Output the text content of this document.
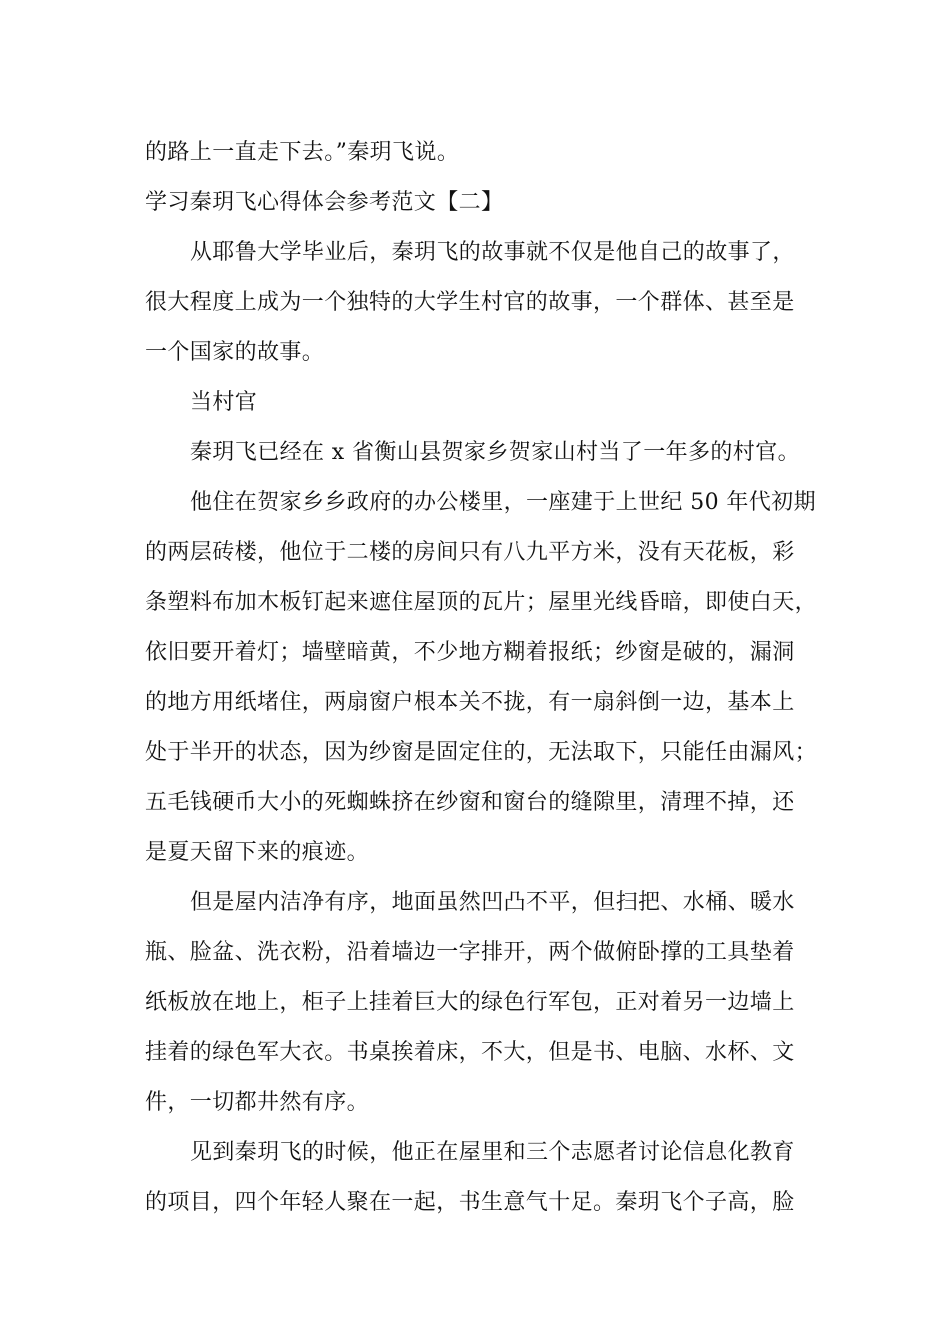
的路上一直走下去。”秦玥飞说。
学习秦玥飞心得体会参考范文【二】
从耶鲁大学毕业后，秦玥飞的故事就不仅是他自己的故事了，
很大程度上成为一个独特的大学生村官的故事，一个群体、甚至是
一个国家的故事。
当村官
秦玥飞已经在 x 省衡山县贺家乡贺家山村当了一年多的村官。
他住在贺家乡乡政府的办公楼里，一座建于上世纪 50 年代初期
的两层砖楼，他位于二楼的房间只有八九平方米，没有天花板，彩
条塑料布加木板钉起来遮住屋顶的瓦片；屋里光线昏暗，即使白天，
依旧要开着灯；墙壁暗黄，不少地方糊着报纸；纱窗是破的，漏洞
的地方用纸堵住，两扇窗户根本关不拢，有一扇斜倒一边，基本上
处于半开的状态，因为纱窗是固定住的，无法取下，只能任由漏风；
五毛钱硬币大小的死蜘蛛挤在纱窗和窗台的缝隙里，清理不掉，还
是夏天留下来的痕迹。
但是屋内洁净有序，地面虽然凹凸不平，但扫把、水桶、暖水
瓶、脸盆、洗衣粉，沿着墙边一字排开，两个做俯卧撑的工具垫着
纸板放在地上，柜子上挂着巨大的绿色行军包，正对着另一边墙上
挂着的绿色军大衣。书桌挨着床，不大，但是书、电脑、水杯、文
件，一切都井然有序。
见到秦玥飞的时候，他正在屋里和三个志愿者讨论信息化教育
的项目，四个年轻人聚在一起，书生意气十足。秦玥飞个子高，脸
